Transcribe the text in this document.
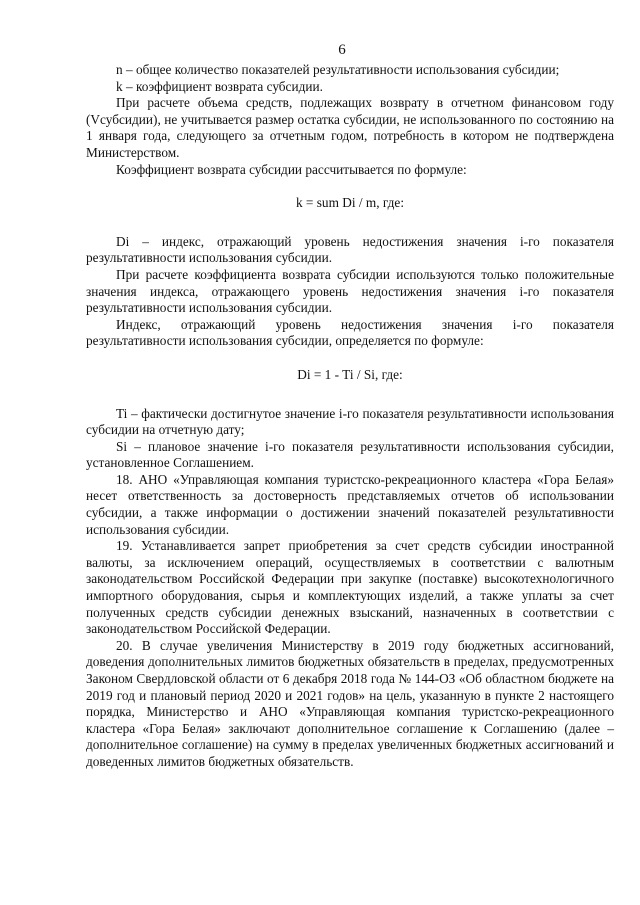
6

n – общее количество показателей результативности использования субсидии;

k – коэффициент возврата субсидии.

При расчете объема средств, подлежащих возврату в отчетном финансовом году (Vсубсидии), не учитывается размер остатка субсидии, не использованного по состоянию на 1 января года, следующего за отчетным годом, потребность в котором не подтверждена Министерством.

Коэффициент возврата субсидии рассчитывается по формуле:

k = sum Di / m, где:

Di – индекс, отражающий уровень недостижения значения i-го показателя результативности использования субсидии.

При расчете коэффициента возврата субсидии используются только положительные значения индекса, отражающего уровень недостижения значения i-го показателя результативности использования субсидии.

Индекс, отражающий уровень недостижения значения i-го показателя результативности использования субсидии, определяется по формуле:

Di = 1 - Ti / Si, где:

Ti – фактически достигнутое значение i-го показателя результативности использования субсидии на отчетную дату;

Si – плановое значение i-го показателя результативности использования субсидии, установленное Соглашением.

18. АНО «Управляющая компания туристско-рекреационного кластера «Гора Белая» несет ответственность за достоверность представляемых отчетов об использовании субсидии, а также информации о достижении значений показателей результативности использования субсидии.

19. Устанавливается запрет приобретения за счет средств субсидии иностранной валюты, за исключением операций, осуществляемых в соответствии с валютным законодательством Российской Федерации при закупке (поставке) высокотехнологичного импортного оборудования, сырья и комплектующих изделий, а также уплаты за счет полученных средств субсидии денежных взысканий, назначенных в соответствии с законодательством Российской Федерации.

20. В случае увеличения Министерству в 2019 году бюджетных ассигнований, доведения дополнительных лимитов бюджетных обязательств в пределах, предусмотренных Законом Свердловской области от 6 декабря 2018 года № 144-ОЗ «Об областном бюджете на 2019 год и плановый период 2020 и 2021 годов» на цель, указанную в пункте 2 настоящего порядка, Министерство и АНО «Управляющая компания туристско-рекреационного кластера «Гора Белая» заключают дополнительное соглашение к Соглашению (далее – дополнительное соглашение) на сумму в пределах увеличенных бюджетных ассигнований и доведенных лимитов бюджетных обязательств.
